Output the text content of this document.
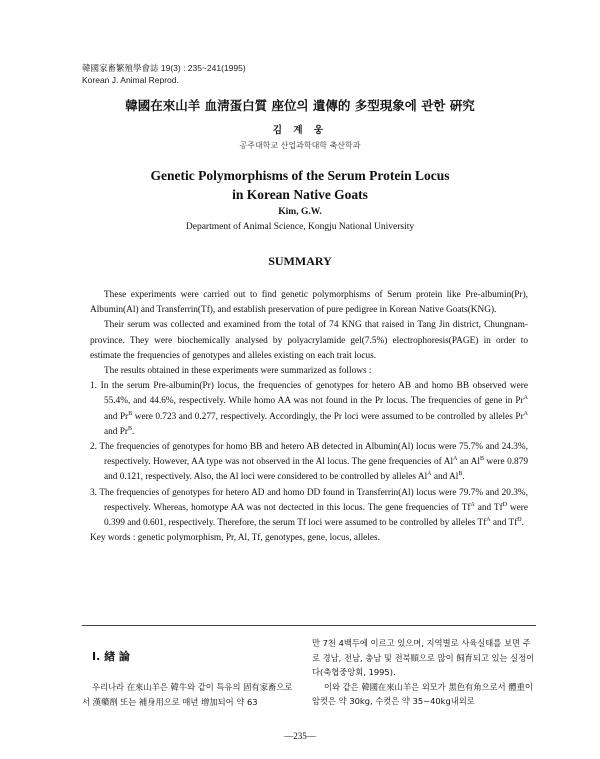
韓國家畜繁殖學會誌 19(3) : 235~241(1995)
Korean J. Animal Reprod.
韓國在來山羊 血淸蛋白質 座位의 遺傳的 多型現象에 관한 硏究
김 계 웅
공주대학교 산업과학대학 축산학과
Genetic Polymorphisms of the Serum Protein Locus
in Korean Native Goats
Kim, G.W.
Department of Animal Science, Kongju National University
SUMMARY

These experiments were carried out to find genetic polymorphisms of Serum protein like Pre-albumin(Pr), Albumin(Al) and Transferrin(Tf), and establish preservation of pure pedigree in Korean Native Goats(KNG).

Their serum was collected and examined from the total of 74 KNG that raised in Tang Jin district, Chungnam-province. They were biochemically analysed by polyacrylamide gel(7.5%) electrophoresis(PAGE) in order to estimate the frequencies of genotypes and alleles existing on each trait locus.

The results obtained in these experiments were summarized as follows :

1. In the serum Pre-albumin(Pr) locus, the frequencies of genotypes for hetero AB and homo BB observed were 55.4%, and 44.6%, respectively. While homo AA was not found in the Pr locus. The frequencies of gene in $Pr^A$ and $Pr^B$ were 0.723 and 0.277, respectively. Accordingly, the Pr loci were assumed to be controlled by alleles $Pr^A$ and $Pr^B$.

2. The frequencies of genotypes for homo BB and hetero AB detected in Albumin(Al) locus were 75.7% and 24.3%, respectively. However, AA type was not observed in the Al locus. The gene frequencies of $Al^A$ an $Al^B$ were 0.879 and 0.121, respectively. Also, the Al loci were considered to be controlled by alleles $Al^A$ and $Al^B$.

3. The frequencies of genotypes for hetero AD and homo DD found in Transferrin(Al) locus were 79.7% and 20.3%, respectively. Whereas, homotype AA was not dectected in this locus. The gene frequencies of $Tf^A$ and $Tf^D$ were 0.399 and 0.601, respectively. Therefore, the serum Tf loci were assumed to be controlled by alleles $Tf^A$ and $Tf^D$.

Key words : genetic polymorphism, Pr, Al, Tf, genotypes, gene, locus, alleles.

Ⅰ. 緖 論
우리나라 在來山羊은 韓牛와 같이 특유의 固有家畜으로서 漢藥劑 또는 補身用으로 매년 增加되어 약 63

만 7천 4백두에 이르고 있으며, 지역별로 사육실태를 보면 주로 경남, 전남, 충남 및 전북順으로 많이 飼育되고 있는 실정이다(축협중앙회, 1995).

이와 같은 韓國在來山羊은 외모가 黑色有角으로서 體重이 암컷은 약 30kg, 수컷은 약 35~40kg내외로

—235—
